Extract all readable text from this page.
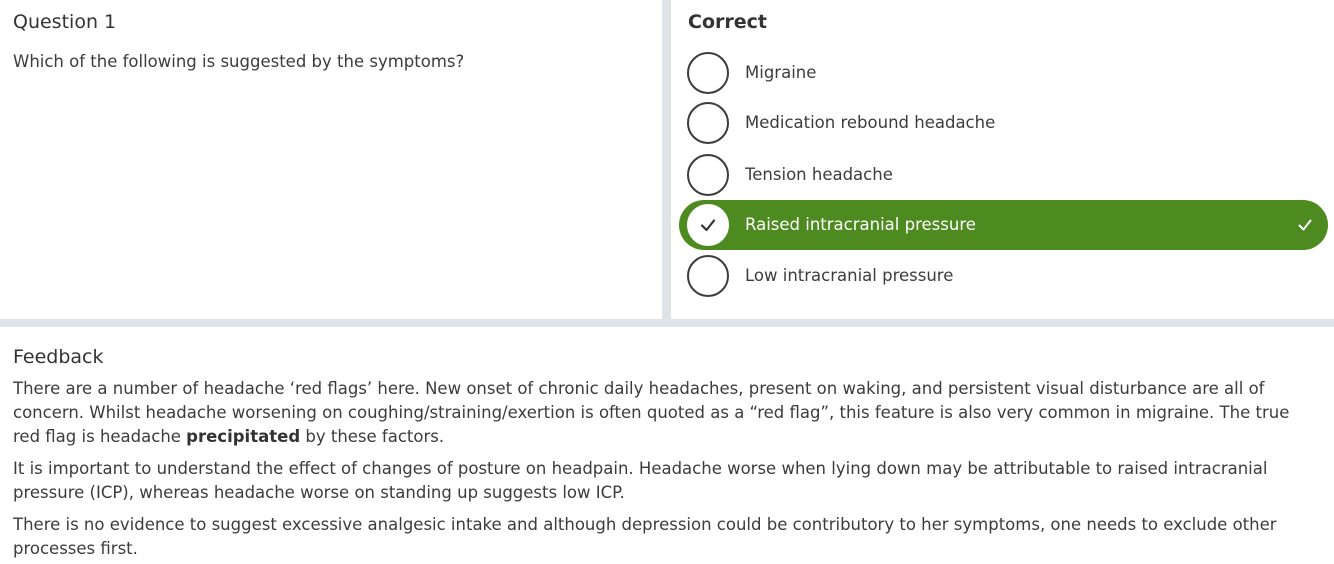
Question 1
Which of the following is suggested by the symptoms?
Correct
Migraine
Medication rebound headache
Tension headache
Raised intracranial pressure
Low intracranial pressure
Feedback

There are a number of headache ‘red flags’ here. New onset of chronic daily headaches, present on waking, and persistent visual disturbance are all of concern. Whilst headache worsening on coughing/straining/exertion is often quoted as a “red flag”, this feature is also very common in migraine. The true red flag is headache precipitated by these factors.

It is important to understand the effect of changes of posture on headpain. Headache worse when lying down may be attributable to raised intracranial pressure (ICP), whereas headache worse on standing up suggests low ICP.

There is no evidence to suggest excessive analgesic intake and although depression could be contributory to her symptoms, one needs to exclude other processes first.
